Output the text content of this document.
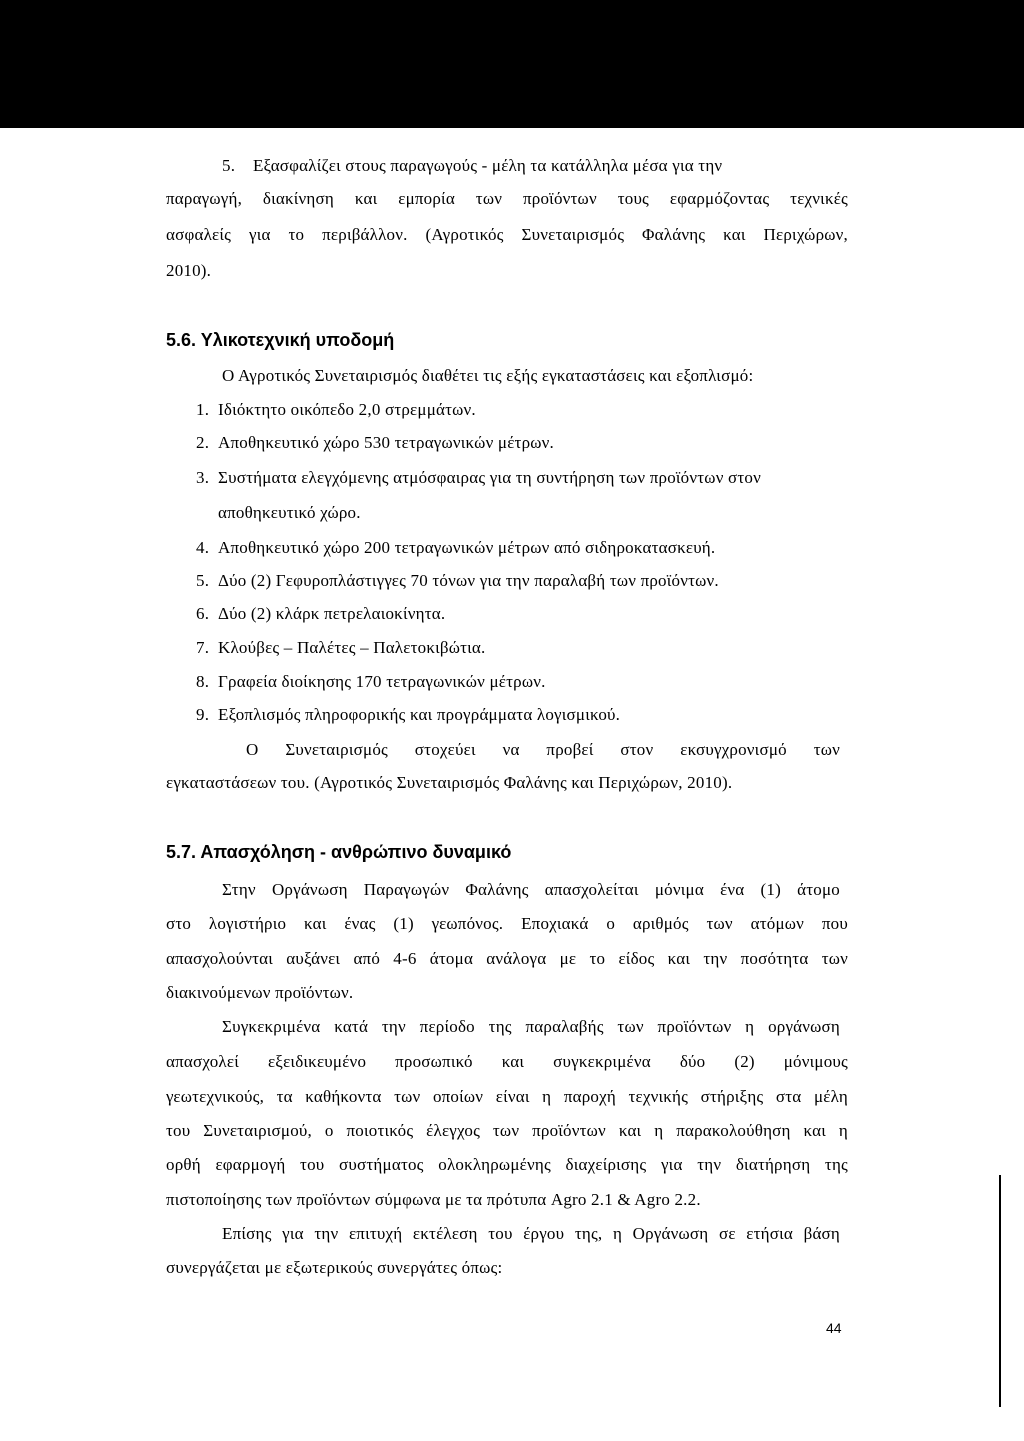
5. Εξασφαλίζει στους παραγωγούς - μέλη τα κατάλληλα μέσα για την
παραγωγή, διακίνηση και εμπορία των προϊόντων τους εφαρμόζοντας τεχνικές
ασφαλείς για το περιβάλλον. (Αγροτικός Συνεταιρισμός Φαλάνης και Περιχώρων,
2010).
5.6. Υλικοτεχνική υποδομή
Ο Αγροτικός Συνεταιρισμός διαθέτει τις εξής εγκαταστάσεις και εξοπλισμό:
1. Ιδιόκτητο οικόπεδο 2,0 στρεμμάτων.
2. Αποθηκευτικό χώρο 530 τετραγωνικών μέτρων.
3. Συστήματα ελεγχόμενης ατμόσφαιρας για τη συντήρηση των προϊόντων στον
αποθηκευτικό χώρο.
4. Αποθηκευτικό χώρο 200 τετραγωνικών μέτρων από σιδηροκατασκευή.
5. Δύο (2) Γεφυροπλάστιγγες 70 τόνων για την παραλαβή των προϊόντων.
6. Δύο (2) κλάρκ πετρελαιοκίνητα.
7. Κλούβες – Παλέτες – Παλετοκιβώτια.
8. Γραφεία διοίκησης 170 τετραγωνικών μέτρων.
9. Εξοπλισμός πληροφορικής και προγράμματα λογισμικού.
Ο Συνεταιρισμός στοχεύει να προβεί στον εκσυγχρονισμό των
εγκαταστάσεων του. (Αγροτικός Συνεταιρισμός Φαλάνης και Περιχώρων, 2010).
5.7. Απασχόληση - ανθρώπινο δυναμικό
Στην Οργάνωση Παραγωγών Φαλάνης απασχολείται μόνιμα ένα (1) άτομο
στο λογιστήριο και ένας (1) γεωπόνος. Εποχιακά ο αριθμός των ατόμων που
απασχολούνται αυξάνει από 4-6 άτομα ανάλογα με το είδος και την ποσότητα των
διακινούμενων προϊόντων.
Συγκεκριμένα κατά την περίοδο της παραλαβής των προϊόντων η οργάνωση
απασχολεί εξειδικευμένο προσωπικό και συγκεκριμένα δύο (2) μόνιμους
γεωτεχνικούς, τα καθήκοντα των οποίων είναι η παροχή τεχνικής στήριξης στα μέλη
του Συνεταιρισμού, ο ποιοτικός έλεγχος των προϊόντων και η παρακολούθηση και η
ορθή εφαρμογή του συστήματος ολοκληρωμένης διαχείρισης για την διατήρηση της
πιστοποίησης των προϊόντων σύμφωνα με τα πρότυπα Agro 2.1 & Agro 2.2.
Επίσης για την επιτυχή εκτέλεση του έργου της, η Οργάνωση σε ετήσια βάση
συνεργάζεται με εξωτερικούς συνεργάτες όπως:
44
